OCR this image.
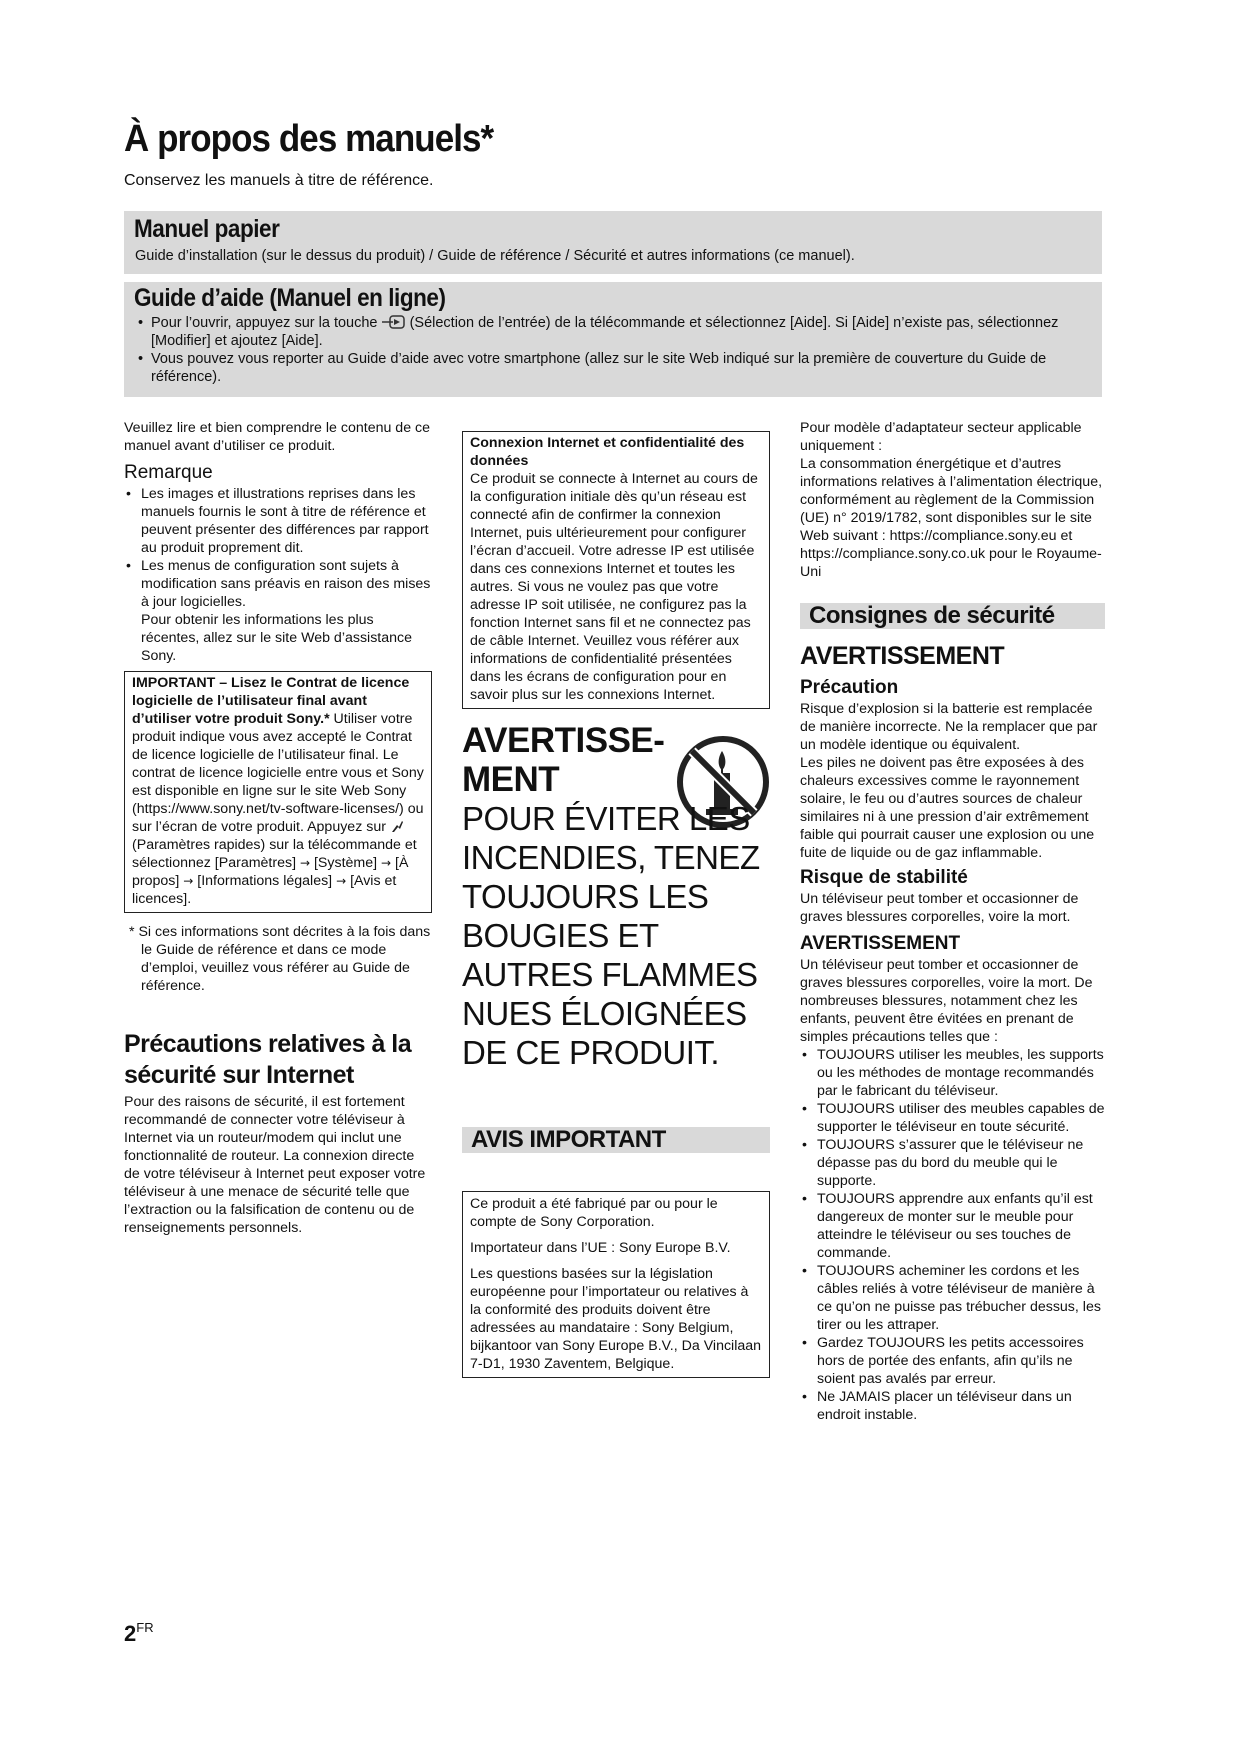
À propos des manuels*
Conservez les manuels à titre de référence.
Manuel papier
Guide d’installation (sur le dessus du produit) / Guide de référence / Sécurité et autres informations (ce manuel).
Guide d’aide (Manuel en ligne)
• Pour l’ouvrir, appuyez sur la touche (Sélection de l’entrée) de la télécommande et sélectionnez [Aide]. Si [Aide] n’existe pas, sélectionnez [Modifier] et ajoutez [Aide].
• Vous pouvez vous reporter au Guide d’aide avec votre smartphone (allez sur le site Web indiqué sur la première de couverture du Guide de référence).

Veuillez lire et bien comprendre le contenu de ce manuel avant d’utiliser ce produit.

Remarque
• Les images et illustrations reprises dans les manuels fournis le sont à titre de référence et peuvent présenter des différences par rapport au produit proprement dit.
• Les menus de configuration sont sujets à modification sans préavis en raison des mises à jour logicielles.
Pour obtenir les informations les plus récentes, allez sur le site Web d’assistance Sony.
IMPORTANT – Lisez le Contrat de licence logicielle de l’utilisateur final avant d’utiliser votre produit Sony.* Utiliser votre produit indique vous avez accepté le Contrat de licence logicielle de l’utilisateur final. Le contrat de licence logicielle entre vous et Sony est disponible en ligne sur le site Web Sony (https://www.sony.net/tv-software-licenses/) ou sur l’écran de votre produit. Appuyez sur (Paramètres rapides) sur la télécommande et sélectionnez [Paramètres] → [Système] → [À propos] → [Informations légales] → [Avis et licences].
* Si ces informations sont décrites à la fois dans le Guide de référence et dans ce mode d’emploi, veuillez vous référer au Guide de référence.
Précautions relatives à la sécurité sur Internet

Pour des raisons de sécurité, il est fortement recommandé de connecter votre téléviseur à Internet via un routeur/modem qui inclut une fonctionnalité de routeur. La connexion directe de votre téléviseur à Internet peut exposer votre téléviseur à une menace de sécurité telle que l’extraction ou la falsification de contenu ou de renseignements personnels.

Connexion Internet et confidentialité des données
Ce produit se connecte à Internet au cours de la configuration initiale dès qu’un réseau est connecté afin de confirmer la connexion Internet, puis ultérieurement pour configurer l’écran d’accueil. Votre adresse IP est utilisée dans ces connexions Internet et toutes les autres. Si vous ne voulez pas que votre adresse IP soit utilisée, ne configurez pas la fonction Internet sans fil et ne connectez pas de câble Internet. Veuillez vous référer aux informations de confidentialité présentées dans les écrans de configuration pour en savoir plus sur les connexions Internet.
AVERTISSE-
MENT
POUR ÉVITER LES INCENDIES, TENEZ TOUJOURS LES BOUGIES ET AUTRES FLAMMES NUES ÉLOIGNÉES DE CE PRODUIT.
AVIS IMPORTANT

Ce produit a été fabriqué par ou pour le compte de Sony Corporation.

Importateur dans l’UE : Sony Europe B.V.

Les questions basées sur la législation européenne pour l’importateur ou relatives à la conformité des produits doivent être adressées au mandataire : Sony Belgium, bijkantoor van Sony Europe B.V., Da Vincilaan 7-D1, 1930 Zaventem, Belgique.

Pour modèle d’adaptateur secteur applicable uniquement :

La consommation énergétique et d’autres informations relatives à l’alimentation électrique, conformément au règlement de la Commission (UE) n° 2019/1782, sont disponibles sur le site Web suivant : https://compliance.sony.eu et https://compliance.sony.co.uk pour le Royaume-Uni

Consignes de sécurité
AVERTISSEMENT
Précaution

Risque d’explosion si la batterie est remplacée de manière incorrecte. Ne la remplacer que par un modèle identique ou équivalent.

Les piles ne doivent pas être exposées à des chaleurs excessives comme le rayonnement solaire, le feu ou d’autres sources de chaleur similaires ni à une pression d’air extrêmement faible qui pourrait causer une explosion ou une fuite de liquide ou de gaz inflammable.

Risque de stabilité

Un téléviseur peut tomber et occasionner de graves blessures corporelles, voire la mort.

AVERTISSEMENT

Un téléviseur peut tomber et occasionner de graves blessures corporelles, voire la mort. De nombreuses blessures, notamment chez les enfants, peuvent être évitées en prenant de simples précautions telles que :

• TOUJOURS utiliser les meubles, les supports ou les méthodes de montage recommandés par le fabricant du téléviseur.
• TOUJOURS utiliser des meubles capables de supporter le téléviseur en toute sécurité.
• TOUJOURS s’assurer que le téléviseur ne dépasse pas du bord du meuble qui le supporte.
• TOUJOURS apprendre aux enfants qu’il est dangereux de monter sur le meuble pour atteindre le téléviseur ou ses touches de commande.
• TOUJOURS acheminer les cordons et les câbles reliés à votre téléviseur de manière à ce qu’on ne puisse pas trébucher dessus, les tirer ou les attraper.
• Gardez TOUJOURS les petits accessoires hors de portée des enfants, afin qu’ils ne soient pas avalés par erreur.
• Ne JAMAIS placer un téléviseur dans un endroit instable.
$2^{FR}$
